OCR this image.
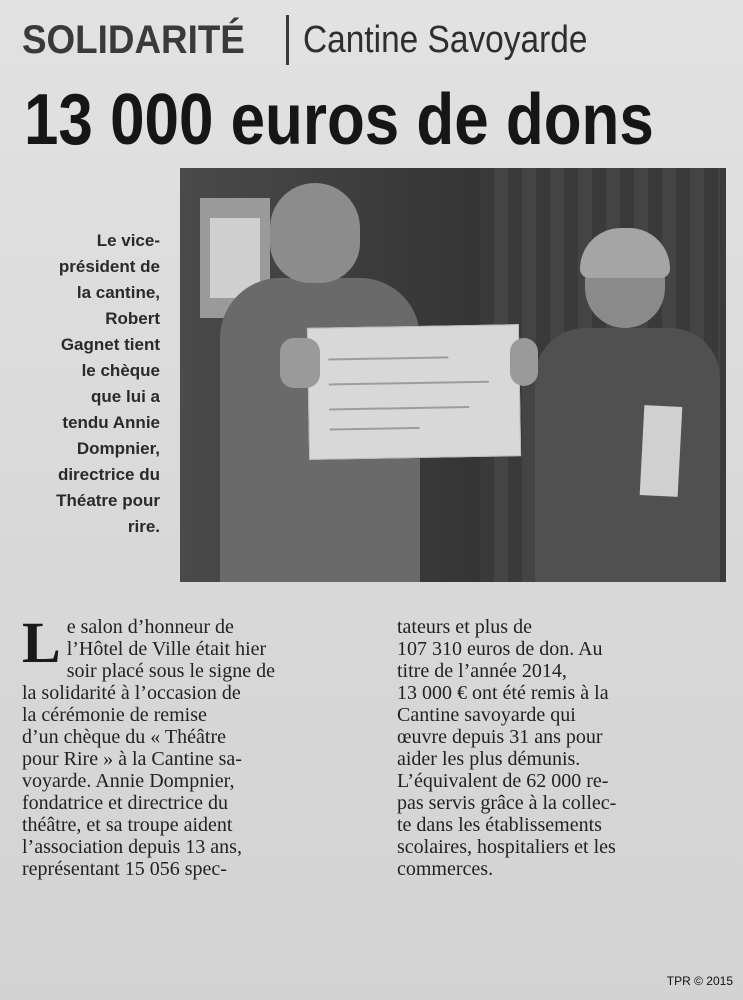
SOLIDARITÉ Cantine Savoyarde
13 000 euros de dons
Le vice-
président de
la cantine,
Robert
Gagnet tient
le chèque
que lui a
tendu Annie
Dompnier,
directrice du
Théatre pour
rire.
L e salon d’honneur de
l’Hôtel de Ville était hier
soir placé sous le signe de
la solidarité à l’occasion de
la cérémonie de remise
d’un chèque du « Théâtre
pour Rire » à la Cantine sa-
voyarde. Annie Dompnier,
fondatrice et directrice du
théâtre, et sa troupe aident
l’association depuis 13 ans,
représentant 15 056 spec-
tateurs et plus de
107 310 euros de don. Au
titre de l’année 2014,
13 000 € ont été remis à la
Cantine savoyarde qui
œuvre depuis 31 ans pour
aider les plus démunis.
L’équivalent de 62 000 re-
pas servis grâce à la collec-
te dans les établissements
scolaires, hospitaliers et les
commerces.
TPR © 2015
